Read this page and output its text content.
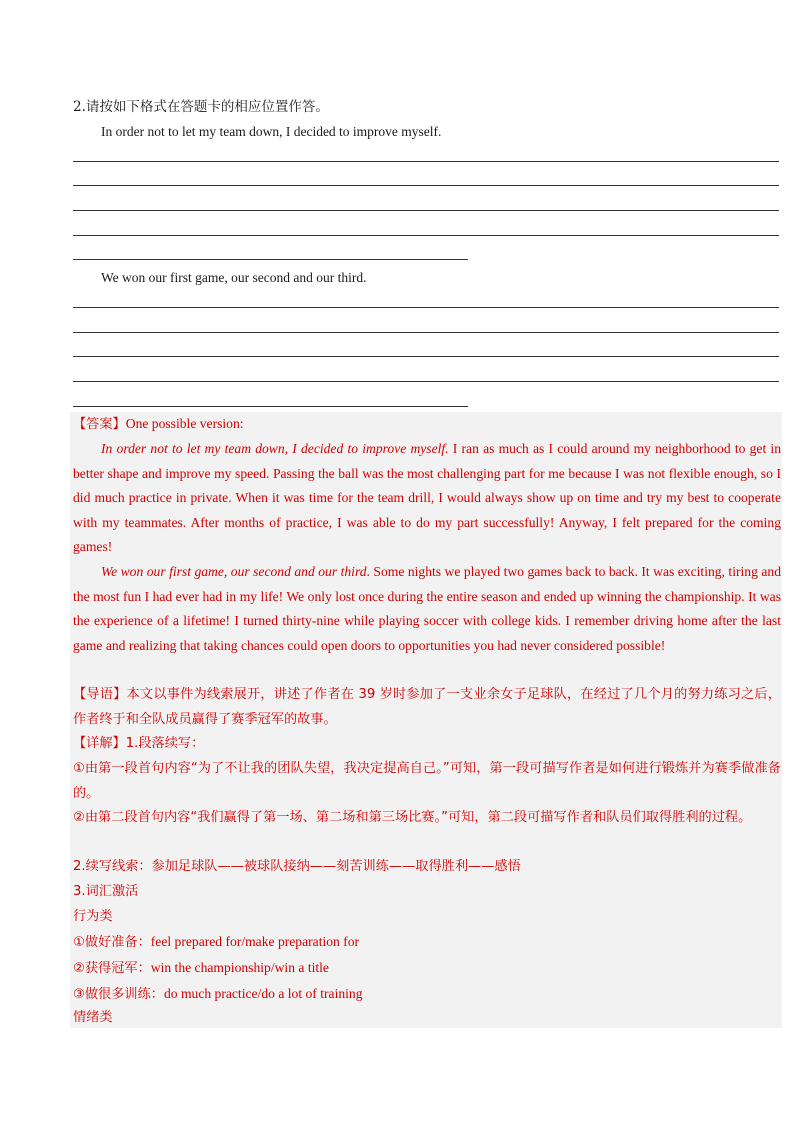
2.请按如下格式在答题卡的相应位置作答。
In order not to let my team down, I decided to improve myself.
We won our first game, our second and our third.
【答案】One possible version:
In order not to let my team down, I decided to improve myself. I ran as much as I could around my neighborhood to get in better shape and improve my speed. Passing the ball was the most challenging part for me because I was not flexible enough, so I did much practice in private. When it was time for the team drill, I would always show up on time and try my best to cooperate with my teammates. After months of practice, I was able to do my part successfully! Anyway, I felt prepared for the coming games!
We won our first game, our second and our third. Some nights we played two games back to back. It was exciting, tiring and the most fun I had ever had in my life! We only lost once during the entire season and ended up winning the championship. It was the experience of a lifetime! I turned thirty-nine while playing soccer with college kids. I remember driving home after the last game and realizing that taking chances could open doors to opportunities you had never considered possible!
【导语】本文以事件为线索展开，讲述了作者在 39 岁时参加了一支业余女子足球队，在经过了几个月的努力练习之后，作者终于和全队成员赢得了赛季冠军的故事。
【详解】1.段落续写：
①由第一段首句内容“为了不让我的团队失望，我决定提高自己。”可知，第一段可描写作者是如何进行锻炼并为赛季做准备的。
②由第二段首句内容“我们赢得了第一场、第二场和第三场比赛。”可知，第二段可描写作者和队员们取得胜利的过程。
2.续写线索：参加足球队——被球队接纳——刻苦训练——取得胜利——感悟
3.词汇激活
行为类
①做好准备：feel prepared for/make preparation for
②获得冠军：win the championship/win a title
③做很多训练：do much practice/do a lot of training
情绪类
